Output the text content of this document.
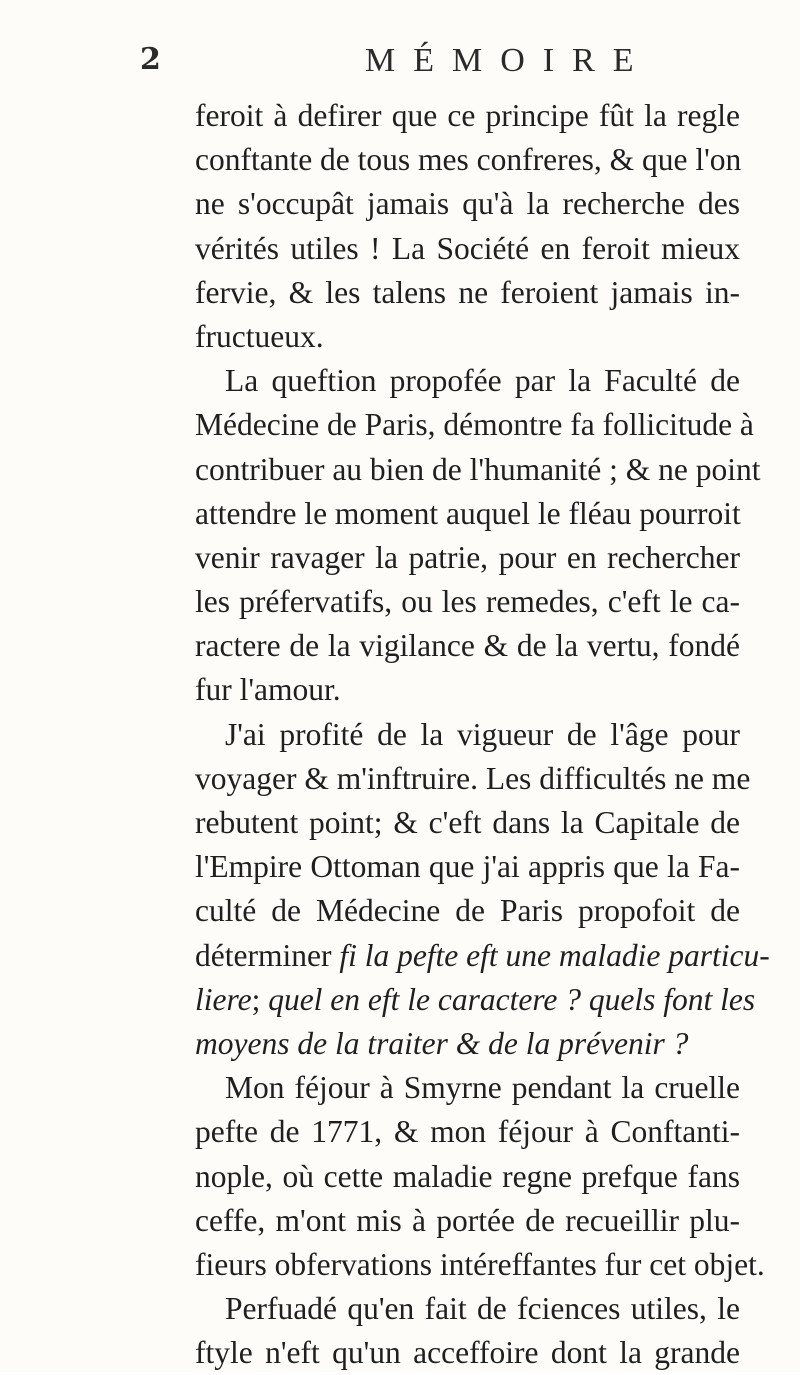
2	MÉMOIRE
feroit à defirer que ce principe fût la regle
conftante de tous mes confreres, & que l'on
ne s'occupât jamais qu'à la recherche des
vérités utiles ! La Société en feroit mieux
fervie, & les talens ne feroient jamais in-
fructueux.
La queftion propofée par la Faculté de
Médecine de Paris, démontre fa follicitude à
contribuer au bien de l'humanité ; & ne point
attendre le moment auquel le fléau pourroit
venir ravager la patrie, pour en rechercher
les préfervatifs, ou les remedes, c'eft le ca-
ractere de la vigilance & de la vertu, fondé
fur l'amour.
J'ai profité de la vigueur de l'âge pour
voyager & m'inftruire. Les difficultés ne me
rebutent point; & c'eft dans la Capitale de
l'Empire Ottoman que j'ai appris que la Fa-
culté de Médecine de Paris propofoit de
déterminer fi la pefte eft une maladie particu-
liere; quel en eft le caractere ? quels font les
moyens de la traiter & de la prévenir ?
Mon féjour à Smyrne pendant la cruelle
pefte de 1771, & mon féjour à Conftanti-
nople, où cette maladie regne prefque fans
ceffe, m'ont mis à portée de recueillir plu-
fieurs obfervations intéreffantes fur cet objet.
Perfuadé qu'en fait de fciences utiles, le
ftyle n'eft qu'un acceffoire dont la grande
